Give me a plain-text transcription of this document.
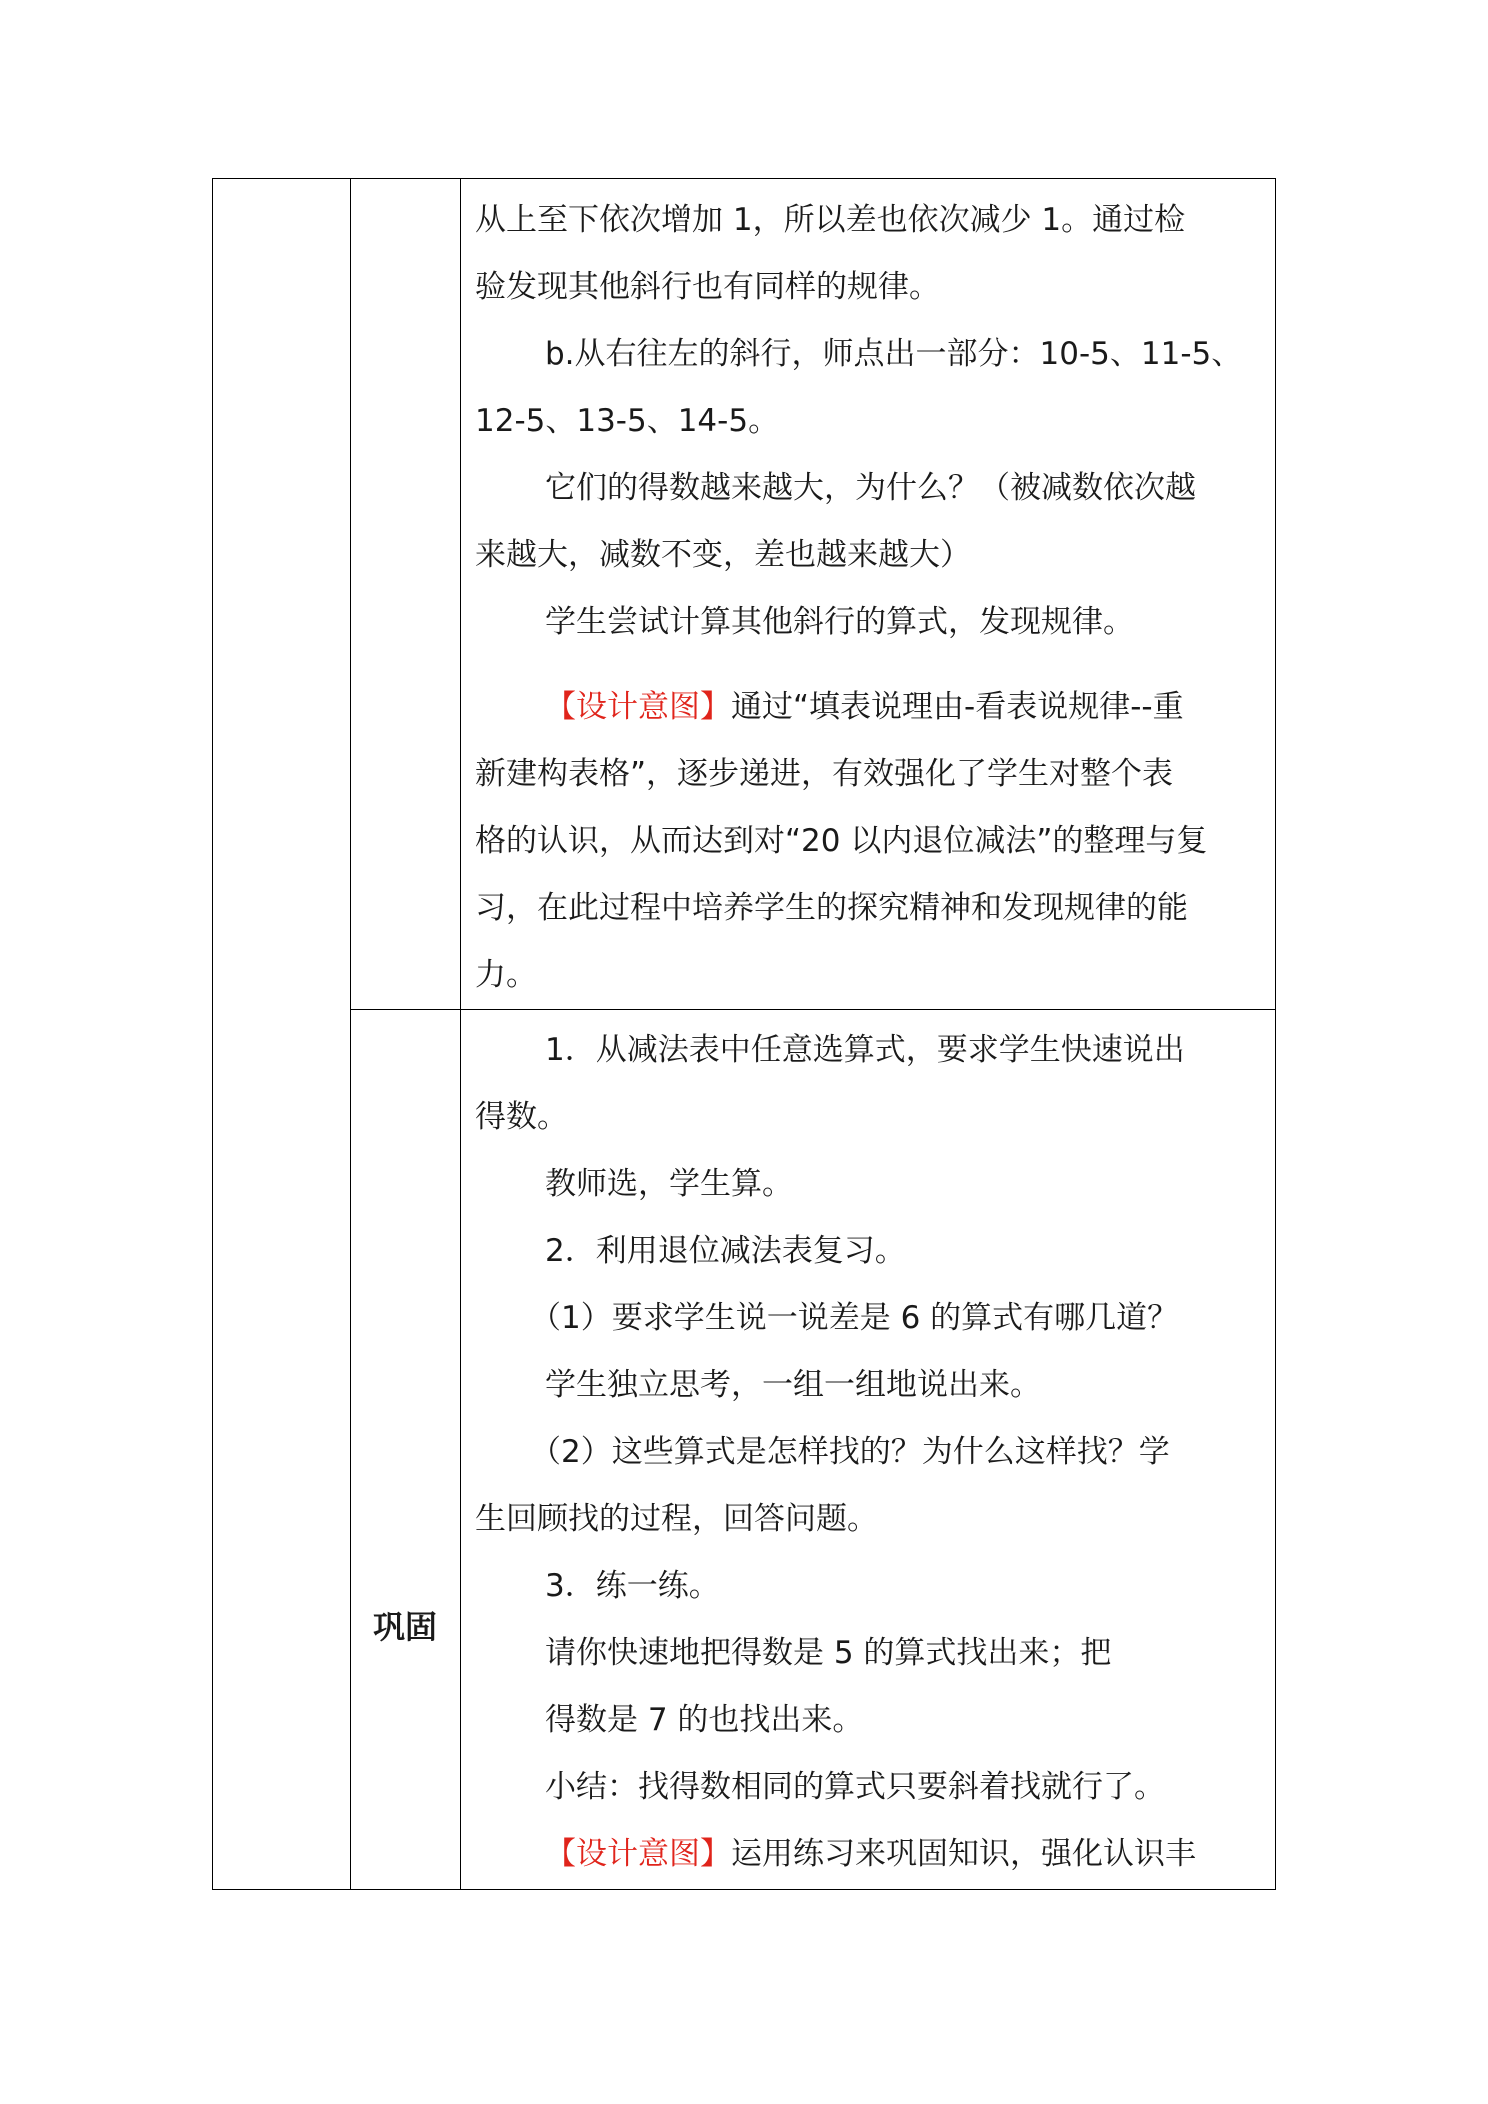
巩固
从上至下依次增加 1，所以差也依次减少 1。通过检
验发现其他斜行也有同样的规律。
b.从右往左的斜行，师点出一部分：10-5、11-5、
12-5、13-5、14-5。
它们的得数越来越大，为什么？（被减数依次越
来越大，减数不变，差也越来越大）
学生尝试计算其他斜行的算式，发现规律。
【设计意图】通过“填表说理由-看表说规律--重
新建构表格”，逐步递进，有效强化了学生对整个表
格的认识，从而达到对“20 以内退位减法”的整理与复
习，在此过程中培养学生的探究精神和发现规律的能
力。
1．从减法表中任意选算式，要求学生快速说出
得数。
教师选，学生算。
2．利用退位减法表复习。
（1）要求学生说一说差是 6 的算式有哪几道？
学生独立思考，一组一组地说出来。
（2）这些算式是怎样找的？为什么这样找？学
生回顾找的过程，回答问题。
3．练一练。
请你快速地把得数是 5 的算式找出来；把
得数是 7 的也找出来。
小结：找得数相同的算式只要斜着找就行了。
【设计意图】运用练习来巩固知识，强化认识丰
